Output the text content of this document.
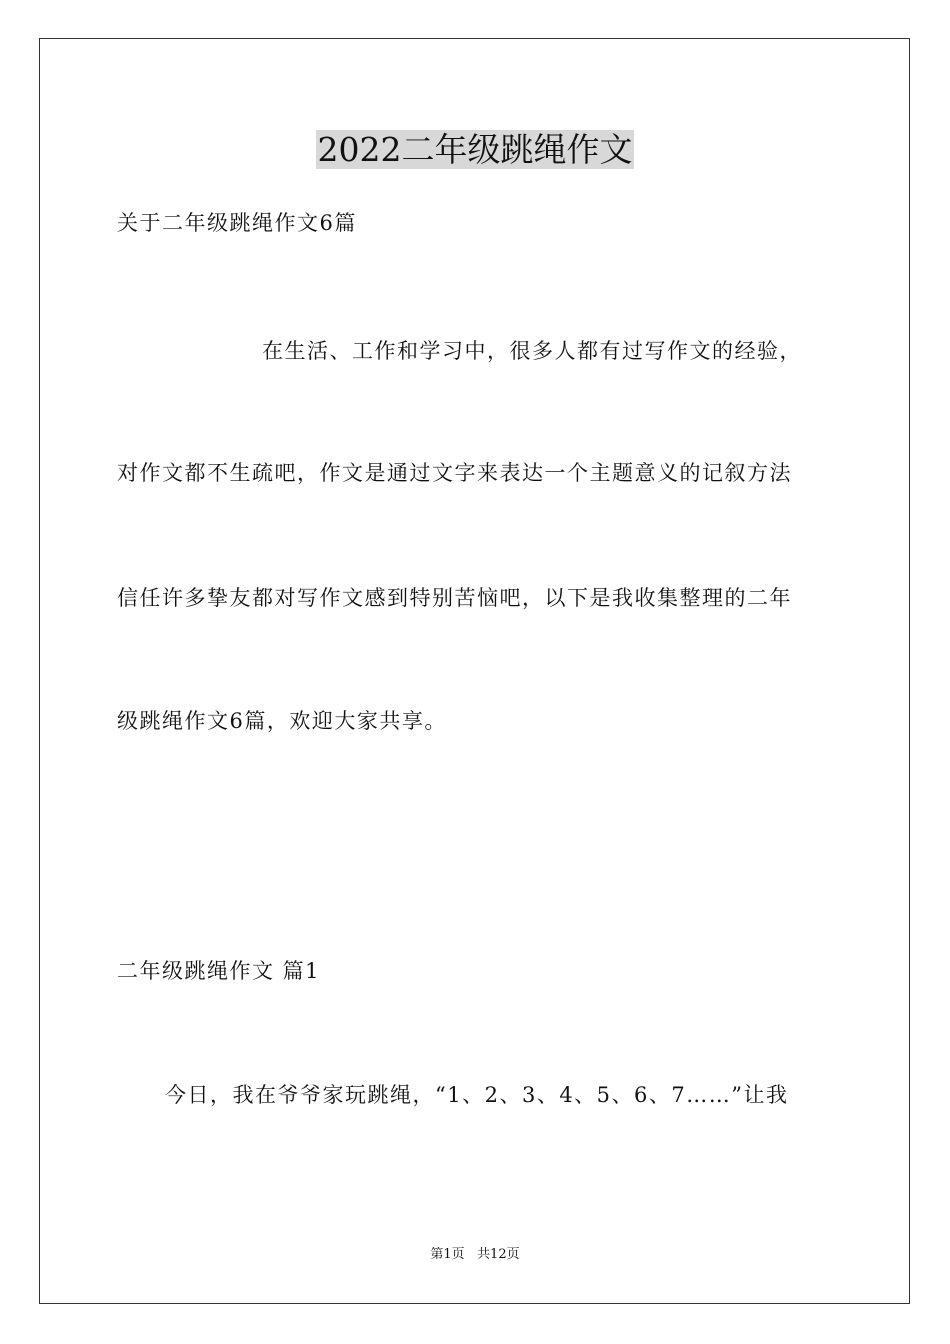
2022二年级跳绳作文
关于二年级跳绳作文6篇
在生活、工作和学习中，很多人都有过写作文的经验，
对作文都不生疏吧，作文是通过文字来表达一个主题意义的记叙方法
信任许多挚友都对写作文感到特别苦恼吧，以下是我收集整理的二年
级跳绳作文6篇，欢迎大家共享。
二年级跳绳作文 篇1
今日，我在爷爷家玩跳绳，“1、2、3、4、5、6、7……”让我
第1页   共12页
